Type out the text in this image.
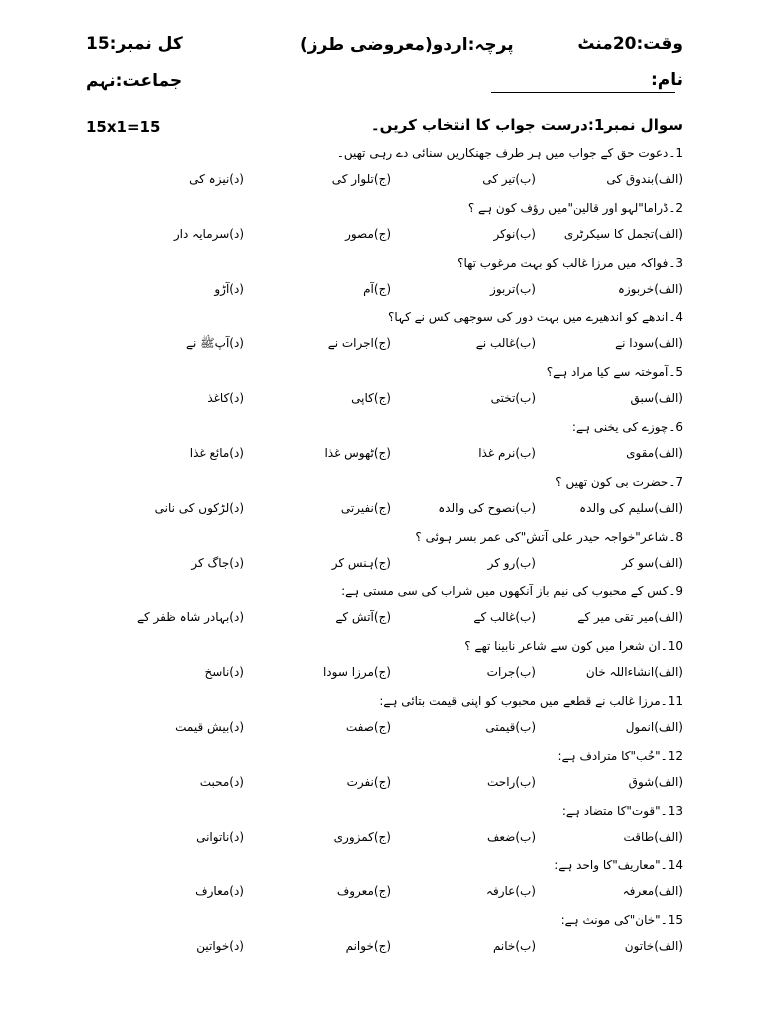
وقت:20منٹ
پرچہ:اردو(معروضی طرز)
کل نمبر:15
نام:
جماعت:نہم
سوال نمبر1:درست جواب کا انتخاب کریں۔
15x1=15
1۔دعوت حق کے جواب میں ہر طرف جھنکاریں سنائی دے رہی تھیں۔
(الف)بندوق کی
(ب)تیر کی
(ج)تلوار کی
(د)نیزہ کی
2۔ڈراما"لہو اور قالین"میں رؤف کون ہے ؟
(الف)تجمل کا سیکرٹری
(ب)نوکر
(ج)مصور
(د)سرمایہ دار
3۔فواکہ میں مرزا غالب کو بہت مرغوب تھا؟
(الف)خربوزہ
(ب)تربوز
(ج)آم
(د)آڑو
4۔اندھے کو اندھیرے میں بہت دور کی سوجھی کس نے کہا؟
(الف)سودا نے
(ب)غالب نے
(ج)اجرات نے
(د)آپﷺ نے
5۔آموختہ سے کیا مراد ہے؟
(الف)سبق
(ب)تختی
(ج)کاپی
(د)کاغذ
6۔چوزے کی یخنی ہے:
(الف)مقوی
(ب)نرم غذا
(ج)ٹھوس غذا
(د)مائع غذا
7۔حضرت بی کون تھیں ؟
(الف)سلیم کی والدہ
(ب)نصوح کی والدہ
(ج)نفیرتی
(د)لڑکوں کی نانی
8۔شاعر"خواجہ حیدر علی آتش"کی عمر بسر ہوئی ؟
(الف)سو کر
(ب)رو کر
(ج)ہنس کر
(د)جاگ کر
9۔کس کے محبوب کی نیم باز آنکھوں میں شراب کی سی مستی ہے:
(الف)میر تقی میر کے
(ب)غالب کے
(ج)آتش کے
(د)بہادر شاہ ظفر کے
10۔ان شعرا میں کون سے شاعر نابینا تھے ؟
(الف)انشاءاللہ خان
(ب)جرات
(ج)مرزا سودا
(د)ناسخ
11۔مرزا غالب نے قطعے میں محبوب کو اپنی قیمت بتائی ہے:
(الف)انمول
(ب)قیمتی
(ج)صفت
(د)بیش قیمت
12۔"حُب"کا مترادف ہے:
(الف)شوق
(ب)راحت
(ج)نفرت
(د)محبت
13۔"قوت"کا متضاد ہے:
(الف)طاقت
(ب)ضعف
(ج)کمزوری
(د)ناتوانی
14۔"معاریف"کا واحد ہے:
(الف)معرفہ
(ب)عارفہ
(ج)معروف
(د)معارف
15۔"خان"کی مونث ہے:
(الف)خاتون
(ب)خانم
(ج)خوانم
(د)خواتین
